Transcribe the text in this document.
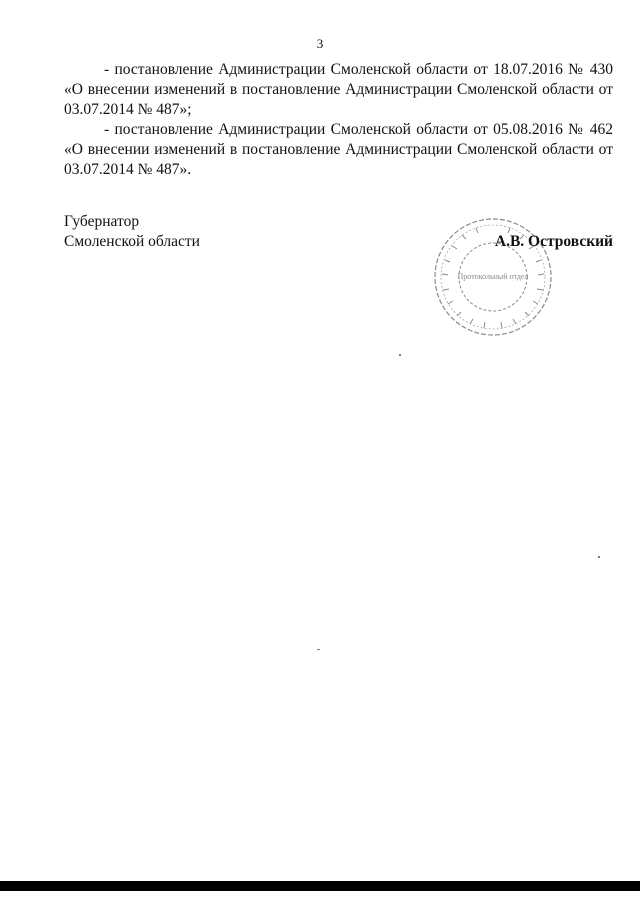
3

- постановление Администрации Смоленской области от 18.07.2016 № 430 «О внесении изменений в постановление Администрации Смоленской области от 03.07.2014 № 487»;

- постановление Администрации Смоленской области от 05.08.2016 № 462 «О внесении изменений в постановление Администрации Смоленской области от 03.07.2014 № 487».

Губернатор
Смоленской области
Протокольный отдел
А.В. Островский
